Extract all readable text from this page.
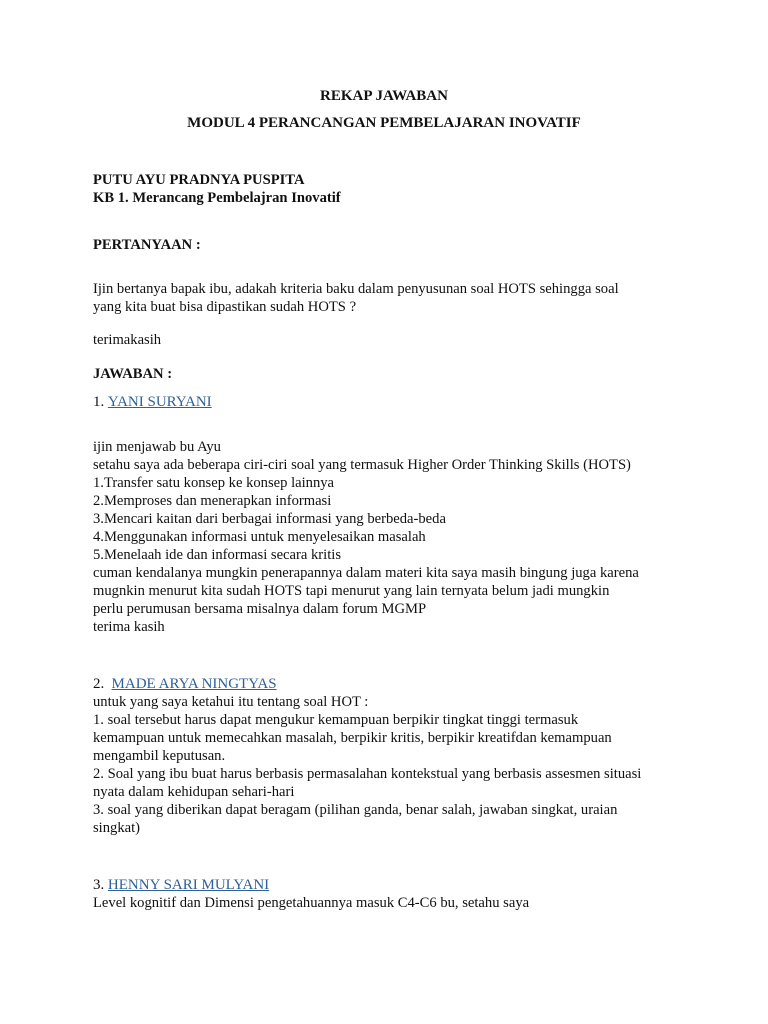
REKAP JAWABAN
MODUL 4 PERANCANGAN PEMBELAJARAN INOVATIF
PUTU AYU PRADNYA PUSPITA
KB 1. Merancang Pembelajran Inovatif
PERTANYAAN :
Ijin bertanya bapak ibu, adakah kriteria baku dalam penyusunan soal HOTS sehingga soal
yang kita buat bisa dipastikan sudah HOTS ?
terimakasih
JAWABAN :
1. YANI SURYANI
ijin menjawab bu Ayu
setahu saya ada beberapa ciri-ciri soal yang termasuk Higher Order Thinking Skills (HOTS)
1.Transfer satu konsep ke konsep lainnya
2.Memproses dan menerapkan informasi
3.Mencari kaitan dari berbagai informasi yang berbeda-beda
4.Menggunakan informasi untuk menyelesaikan masalah
5.Menelaah ide dan informasi secara kritis
cuman kendalanya mungkin penerapannya dalam materi kita saya masih bingung juga karena
mugnkin menurut kita sudah HOTS tapi menurut yang lain ternyata belum jadi mungkin
perlu perumusan bersama misalnya dalam forum MGMP
terima kasih
2. MADE ARYA NINGTYAS
untuk yang saya ketahui itu tentang soal HOT :
1. soal tersebut harus dapat mengukur kemampuan berpikir tingkat tinggi termasuk
kemampuan untuk memecahkan masalah, berpikir kritis, berpikir kreatifdan kemampuan
mengambil keputusan.
2. Soal yang ibu buat harus berbasis permasalahan kontekstual yang berbasis assesmen situasi
nyata dalam kehidupan sehari-hari
3. soal yang diberikan dapat beragam (pilihan ganda, benar salah, jawaban singkat, uraian
singkat)
3. HENNY SARI MULYANI
Level kognitif dan Dimensi pengetahuannya masuk C4-C6 bu, setahu saya
